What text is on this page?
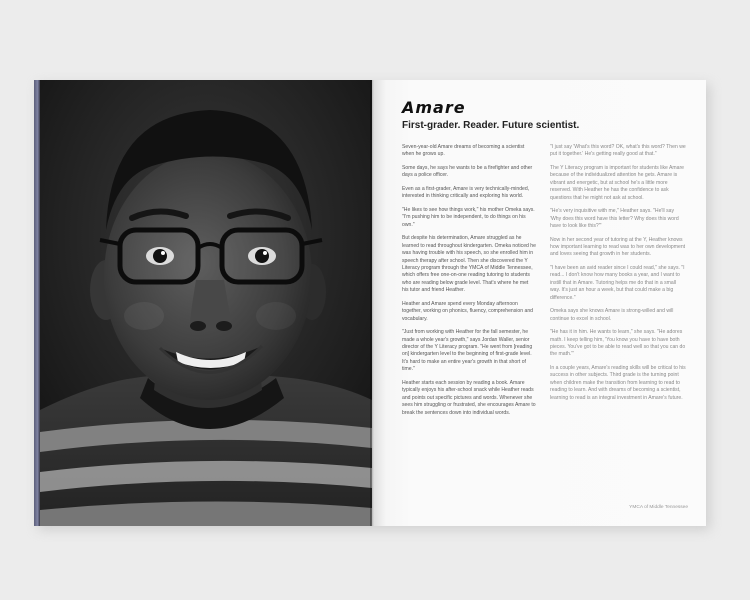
Amare
First-grader. Reader. Future scientist.

Seven-year-old Amare dreams of becoming a scientist when he grows up.

Some days, he says he wants to be a firefighter and other days a police officer.

Even as a first-grader, Amare is very technically-minded, interested in thinking critically and exploring his world.

"He likes to see how things work," his mother Omeka says. "I'm pushing him to be independent, to do things on his own."

But despite his determination, Amare struggled as he learned to read throughout kindergarten. Omeka noticed he was having trouble with his speech, so she enrolled him in speech therapy after school. Then she discovered the Y Literacy program through the YMCA of Middle Tennessee, which offers free one-on-one reading tutoring to students who are reading below grade level. That's where he met his tutor and friend Heather.

Heather and Amare spend every Monday afternoon together, working on phonics, fluency, comprehension and vocabulary.

"Just from working with Heather for the fall semester, he made a whole year's growth," says Jordan Waller, senior director of the Y Literacy program. "He went from [reading on] kindergarten level to the beginning of first-grade level. It's hard to make an entire year's growth in that short of time."

Heather starts each session by reading a book. Amare typically enjoys his after-school snack while Heather reads and points out specific pictures and words. Whenever she sees him struggling or frustrated, she encourages Amare to break the sentences down into individual words.

"I just say 'What's this word? OK, what's this word? Then we put it together.' He's getting really good at that."

The Y Literacy program is important for students like Amare because of the individualized attention he gets. Amare is vibrant and energetic, but at school he's a little more reserved. With Heather he has the confidence to ask questions that he might not ask at school.

"He's very inquisitive with me," Heather says. "He'll say 'Why does this word have this letter? Why does this word have to look like this?'"

Now in her second year of tutoring at the Y, Heather knows how important learning to read was to her own development and loves seeing that growth in her students.

"I have been an avid reader since I could read," she says. "I read... I don't know how many books a year, and I want to instill that in Amare. Tutoring helps me do that in a small way. It's just an hour a week, but that could make a big difference."

Omeka says she knows Amare is strong-willed and will continue to excel in school.

"He has it in him. He wants to learn," she says. "He adores math. I keep telling him, 'You know you have to have both pieces. You've got to be able to read well so that you can do the math.'"

In a couple years, Amare's reading skills will be critical to his success in other subjects. Third grade is the turning point when children make the transition from learning to read to reading to learn. And with dreams of becoming a scientist, learning to read is an integral investment in Amare's future.

YMCA of Middle Tennessee
